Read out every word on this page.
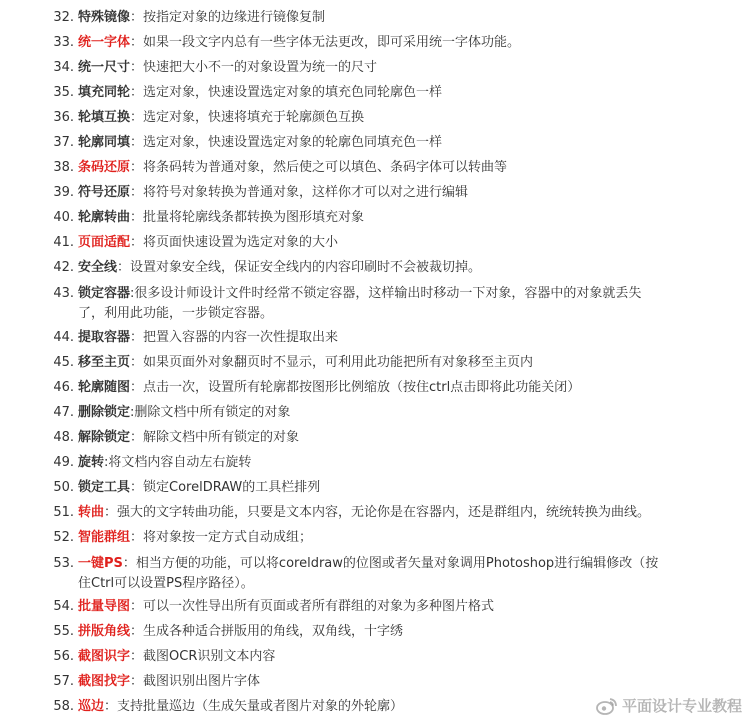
32. 特殊镜像：按指定对象的边缘进行镜像复制
33. 统一字体：如果一段文字内总有一些字体无法更改，即可采用统一字体功能。
34. 统一尺寸：快速把大小不一的对象设置为统一的尺寸
35. 填充同轮：选定对象，快速设置选定对象的填充色同轮廓色一样
36. 轮填互换：选定对象，快速将填充于轮廓颜色互换
37. 轮廓同填：选定对象，快速设置选定对象的轮廓色同填充色一样
38. 条码还原：将条码转为普通对象，然后使之可以填色、条码字体可以转曲等
39. 符号还原：将符号对象转换为普通对象，这样你才可以对之进行编辑
40. 轮廓转曲：批量将轮廓线条都转换为图形填充对象
41. 页面适配：将页面快速设置为选定对象的大小
42. 安全线：设置对象安全线，保证安全线内的内容印刷时不会被裁切掉。
43. 锁定容器:很多设计师设计文件时经常不锁定容器，这样输出时移动一下对象，容器中的对象就丢失
了，利用此功能，一步锁定容器。
44. 提取容器：把置入容器的内容一次性提取出来
45. 移至主页：如果页面外对象翻页时不显示，可利用此功能把所有对象移至主页内
46. 轮廓随图：点击一次，设置所有轮廓都按图形比例缩放（按住ctrl点击即将此功能关闭）
47. 删除锁定:删除文档中所有锁定的对象
48. 解除锁定：解除文档中所有锁定的对象
49. 旋转:将文档内容自动左右旋转
50. 锁定工具：锁定CorelDRAW的工具栏排列
51. 转曲：强大的文字转曲功能，只要是文本内容，无论你是在容器内，还是群组内，统统转换为曲线。
52. 智能群组：将对象按一定方式自动成组；
53. 一键PS：相当方便的功能，可以将coreldraw的位图或者矢量对象调用Photoshop进行编辑修改（按
住Ctrl可以设置PS程序路径）。
54. 批量导图：可以一次性导出所有页面或者所有群组的对象为多种图片格式
55. 拼版角线：生成各种适合拼版用的角线，双角线，十字绣
56. 截图识字：截图OCR识别文本内容
57. 截图找字：截图识别出图片字体
58. 巡边：支持批量巡边（生成矢量或者图片对象的外轮廓）	平面设计专业教程
